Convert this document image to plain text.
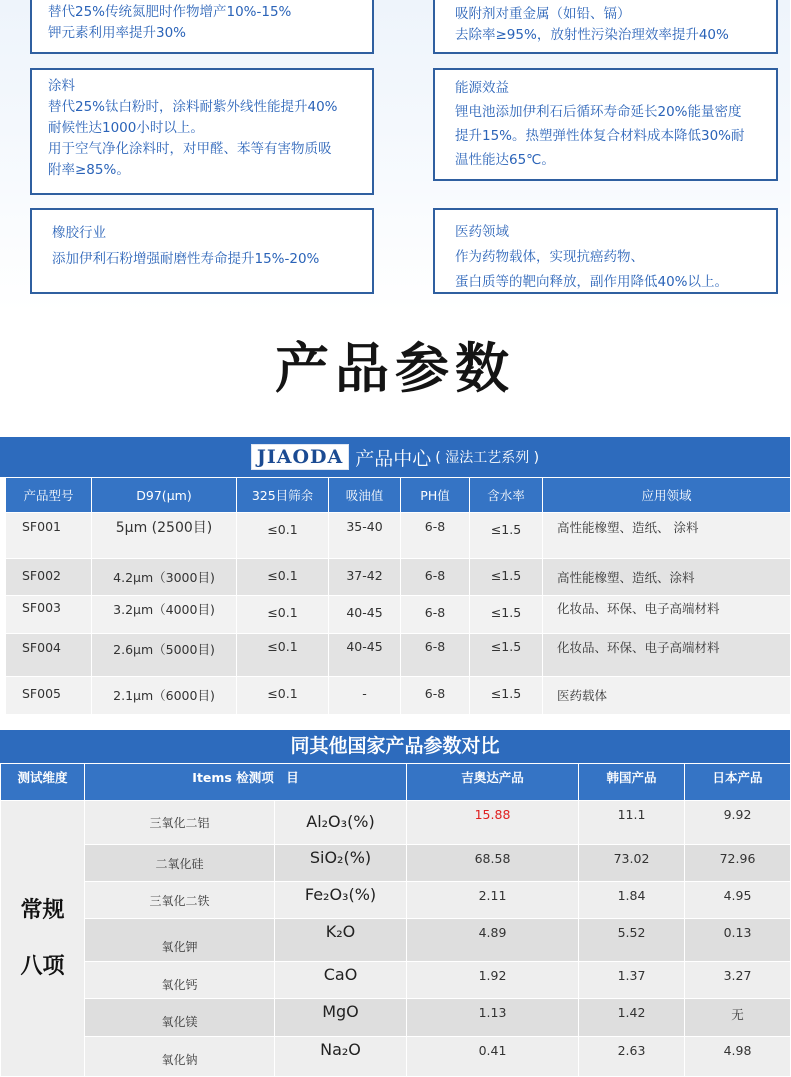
替代25%传统氮肥时作物增产10%-15%
钾元素利用率提升30%
吸附剂对重金属（如铅、镉）
去除率≥95%，放射性污染治理效率提升40%
涂料
替代25%钛白粉时，涂料耐紫外线性能提升40%
耐候性达1000小时以上。
用于空气净化涂料时，对甲醛、苯等有害物质吸
附率≥85%。
能源效益
锂电池添加伊利石后循环寿命延长20%能量密度
提升15%。热塑弹性体复合材料成本降低30%耐
温性能达65℃。
橡胶行业
添加伊利石粉增强耐磨性寿命提升15%-20%
医药领域
作为药物载体，实现抗癌药物、
蛋白质等的靶向释放，副作用降低40%以上。
产品参数
JIAODA 产品中心 ( 湿法工艺系列 )
产品型号	D97(μm)	325目筛余	吸油值	PH值	含水率	应用领域
SF001	5μm (2500目)	≤0.1	35-40	6-8	≤1.5	高性能橡塑、造纸、 涂料
SF002	4.2μm（3000目)	≤0.1	37-42	6-8	≤1.5	高性能橡塑、造纸、涂料
SF003	3.2μm（4000目)	≤0.1	40-45	6-8	≤1.5	化妆品、环保、电子高端材料
SF004	2.6μm（5000目)	≤0.1	40-45	6-8	≤1.5	化妆品、环保、电子高端材料
SF005	2.1μm（6000目)	≤0.1	-	6-8	≤1.5	医药载体
同其他国家产品参数对比
测试维度	Items 检测项　目		吉奥达产品	韩国产品	日本产品
常规
八项	三氧化二铝	Al₂O₃(%)	15.88	11.1	9.92
	二氧化硅	SiO₂(%)	68.58	73.02	72.96
	三氧化二铁	Fe₂O₃(%)	2.11	1.84	4.95
	氧化钾	K₂O	4.89	5.52	0.13
	氧化钙	CaO	1.92	1.37	3.27
	氧化镁	MgO	1.13	1.42	无
	氧化钠	Na₂O	0.41	2.63	4.98
